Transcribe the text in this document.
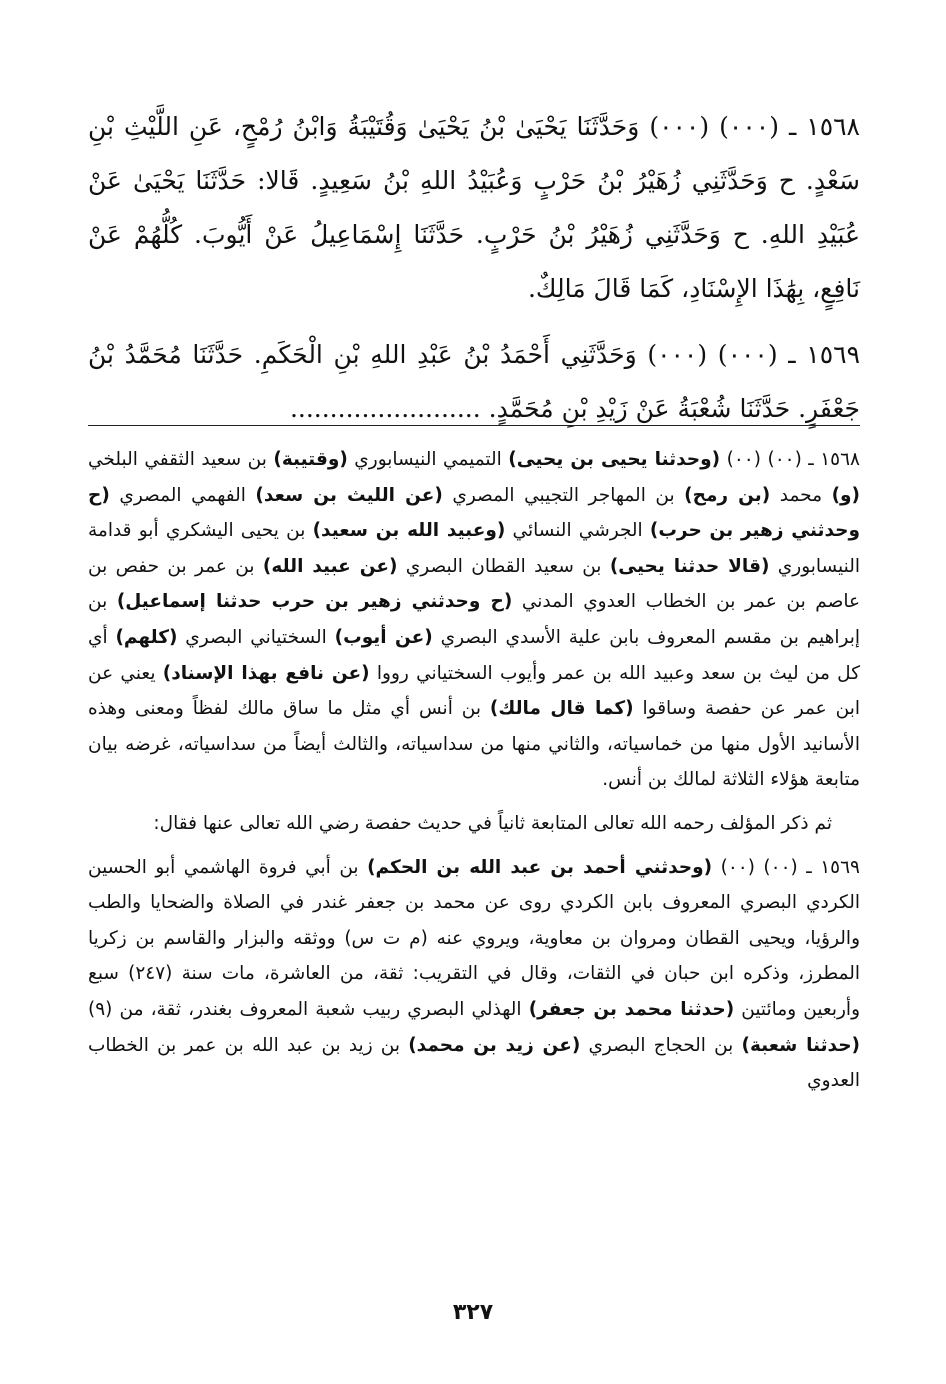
١٥٦٨ ـ (٠٠٠) (٠٠٠) وَحَدَّثَنَا يَحْيَىٰ بْنُ يَحْيَىٰ وَقُتَيْبَةُ وَابْنُ رُمْحٍ، عَنِ اللَّيْثِ بْنِ سَعْدٍ. ح وَحَدَّثَنِي زُهَيْرُ بْنُ حَرْبٍ وَعُبَيْدُ اللهِ بْنُ سَعِيدٍ. قَالا: حَدَّثَنَا يَحْيَىٰ عَنْ عُبَيْدِ اللهِ. ح وَحَدَّثَنِي زُهَيْرُ بْنُ حَرْبٍ. حَدَّثَنَا إِسْمَاعِيلُ عَنْ أَيُّوبَ. كُلُّهُمْ عَنْ نَافِعٍ، بِهَٰذَا الإِسْنَادِ، كَمَا قَالَ مَالِكٌ.

١٥٦٩ ـ (٠٠٠) (٠٠٠) وَحَدَّثَنِي أَحْمَدُ بْنُ عَبْدِ اللهِ بْنِ الْحَكَمِ. حَدَّثَنَا مُحَمَّدُ بْنُ جَعْفَرٍ. حَدَّثَنَا شُعْبَةُ عَنْ زَيْدِ بْنِ مُحَمَّدٍ. ........................

١٥٦٨ ـ (٠٠) (٠٠) (وحدثنا يحيى بن يحيى) التميمي النيسابوري (وقتيبة) بن سعيد الثقفي البلخي (و) محمد (بن رمح) بن المهاجر التجيبي المصري (عن الليث بن سعد) الفهمي المصري (ح وحدثني زهير بن حرب) الجرشي النسائي (وعبيد الله بن سعيد) بن يحيى اليشكري أبو قدامة النيسابوري (قالا حدثنا يحيى) بن سعيد القطان البصري (عن عبيد الله) بن عمر بن حفص بن عاصم بن عمر بن الخطاب العدوي المدني (ح وحدثني زهير بن حرب حدثنا إسماعيل) بن إبراهيم بن مقسم المعروف بابن علية الأسدي البصري (عن أيوب) السختياني البصري (كلهم) أي كل من ليث بن سعد وعبيد الله بن عمر وأيوب السختياني رووا (عن نافع بهذا الإسناد) يعني عن ابن عمر عن حفصة وساقوا (كما قال مالك) بن أنس أي مثل ما ساق مالك لفظاً ومعنى وهذه الأسانيد الأول منها من خماسياته، والثاني منها من سداسياته، والثالث أيضاً من سداسياته، غرضه بيان متابعة هؤلاء الثلاثة لمالك بن أنس.

ثم ذكر المؤلف رحمه الله تعالى المتابعة ثانياً في حديث حفصة رضي الله تعالى عنها فقال:

١٥٦٩ ـ (٠٠) (٠٠) (وحدثني أحمد بن عبد الله بن الحكم) بن أبي فروة الهاشمي أبو الحسين الكردي البصري المعروف بابن الكردي روى عن محمد بن جعفر غندر في الصلاة والضحايا والطب والرؤيا، ويحيى القطان ومروان بن معاوية، ويروي عنه (م ت س) ووثقه والبزار والقاسم بن زكريا المطرز، وذكره ابن حبان في الثقات، وقال في التقريب: ثقة، من العاشرة، مات سنة (٢٤٧) سبع وأربعين ومائتين (حدثنا محمد بن جعفر) الهذلي البصري ربيب شعبة المعروف بغندر، ثقة، من (٩) (حدثنا شعبة) بن الحجاج البصري (عن زيد بن محمد) بن زيد بن عبد الله بن عمر بن الخطاب العدوي

٣٢٧
